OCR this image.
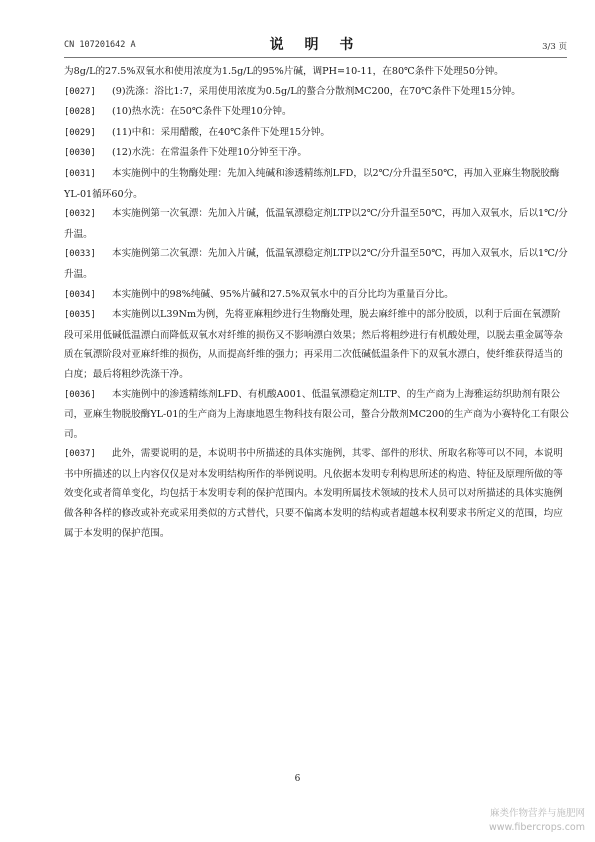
CN 107201642 A	说 明 书	3/3 页

为8g/L的27.5%双氧水和使用浓度为1.5g/L的95%片碱，调PH=10-11，在80℃条件下处理50分钟。

[0027] (9)洗涤：浴比1:7，采用使用浓度为0.5g/L的螯合分散剂MC200，在70℃条件下处理15分钟。

[0028] (10)热水洗：在50℃条件下处理10分钟。

[0029] (11)中和：采用醋酸，在40℃条件下处理15分钟。

[0030] (12)水洗：在常温条件下处理10分钟至干净。

[0031] 本实施例中的生物酶处理：先加入纯碱和渗透精练剂LFD，以2℃/分升温至50℃，再加入亚麻生物脱胶酶YL-01循环60分。

[0032] 本实施例第一次氧漂：先加入片碱，低温氧漂稳定剂LTP以2℃/分升温至50℃，再加入双氧水，后以1℃/分升温。

[0033] 本实施例第二次氧漂：先加入片碱，低温氧漂稳定剂LTP以2℃/分升温至50℃，再加入双氧水，后以1℃/分升温。

[0034] 本实施例中的98%纯碱、95%片碱和27.5%双氧水中的百分比均为重量百分比。

[0035] 本实施例以L39Nm为例，先将亚麻粗纱进行生物酶处理，脱去麻纤维中的部分胶质，以利于后面在氧漂阶段可采用低碱低温漂白而降低双氧水对纤维的损伤又不影响漂白效果；然后将粗纱进行有机酸处理，以脱去重金属等杂质在氧漂阶段对亚麻纤维的损伤，从而提高纤维的强力；再采用二次低碱低温条件下的双氧水漂白，使纤维获得适当的白度；最后将粗纱洗涤干净。

[0036] 本实施例中的渗透精练剂LFD、有机酸A001、低温氧漂稳定剂LTP、的生产商为上海雅运纺织助剂有限公司，亚麻生物脱胶酶YL-01的生产商为上海康地恩生物科技有限公司，螯合分散剂MC200的生产商为小赛特化工有限公司。

[0037] 此外，需要说明的是，本说明书中所描述的具体实施例，其零、部件的形状、所取名称等可以不同，本说明书中所描述的以上内容仅仅是对本发明结构所作的举例说明。凡依据本发明专利构思所述的构造、特征及原理所做的等效变化或者简单变化，均包括于本发明专利的保护范围内。本发明所属技术领域的技术人员可以对所描述的具体实施例做各种各样的修改或补充或采用类似的方式替代，只要不偏离本发明的结构或者超越本权利要求书所定义的范围，均应属于本发明的保护范围。

6
麻类作物营养与施肥网
www.fibercrops.com
